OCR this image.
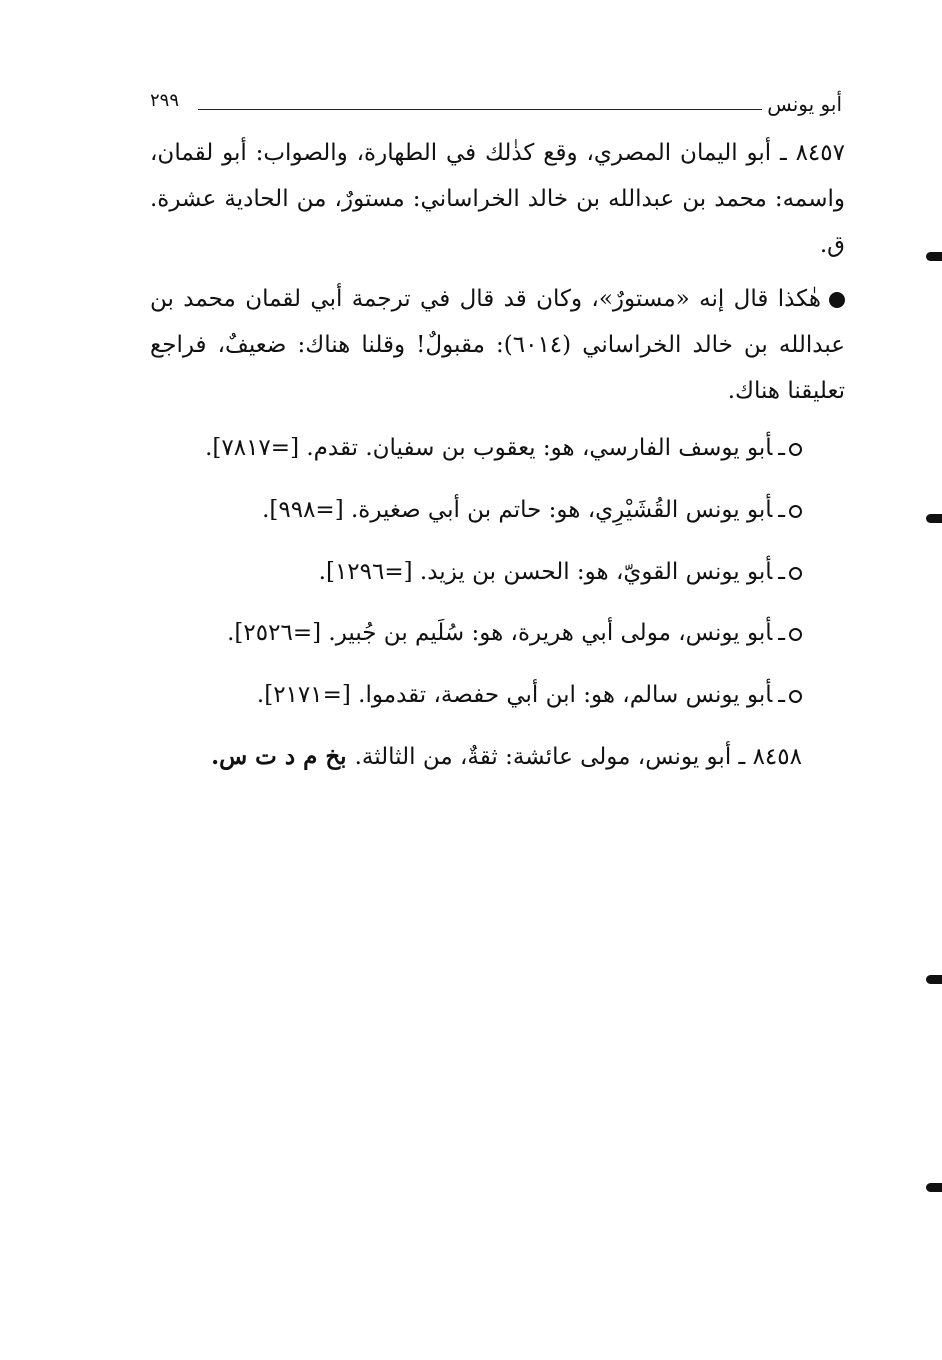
أبو يونس
٢٩٩
٨٤٥٧ ـ أبو اليمان المصري، وقع كذٰلك في الطهارة، والصواب: أبو لقمان، واسمه: محمد بن عبدالله بن خالد الخراساني: مستورٌ، من الحادية عشرة. ق.
هٰكذا قال إنه «مستورٌ»، وكان قد قال في ترجمة أبي لقمان محمد بن عبدالله بن خالد الخراساني (٦٠١٤): مقبولٌ! وقلنا هناك: ضعيفٌ، فراجع تعليقنا هناك.
ـأبو يوسف الفارسي، هو: يعقوب بن سفيان. تقدم. [=٧٨١٧].
ـأبو يونس القُشَيْرِي، هو: حاتم بن أبي صغيرة. [=٩٩٨].
ـأبو يونس القويّ، هو: الحسن بن يزيد. [=١٢٩٦].
ـأبو يونس، مولى أبي هريرة، هو: سُلَيم بن جُبير. [=٢٥٢٦].
ـأبو يونس سالم، هو: ابن أبي حفصة، تقدموا. [=٢١٧١].
٨٤٥٨ ـ أبو يونس، مولى عائشة: ثقةٌ، من الثالثة.بخ م د ت س.
